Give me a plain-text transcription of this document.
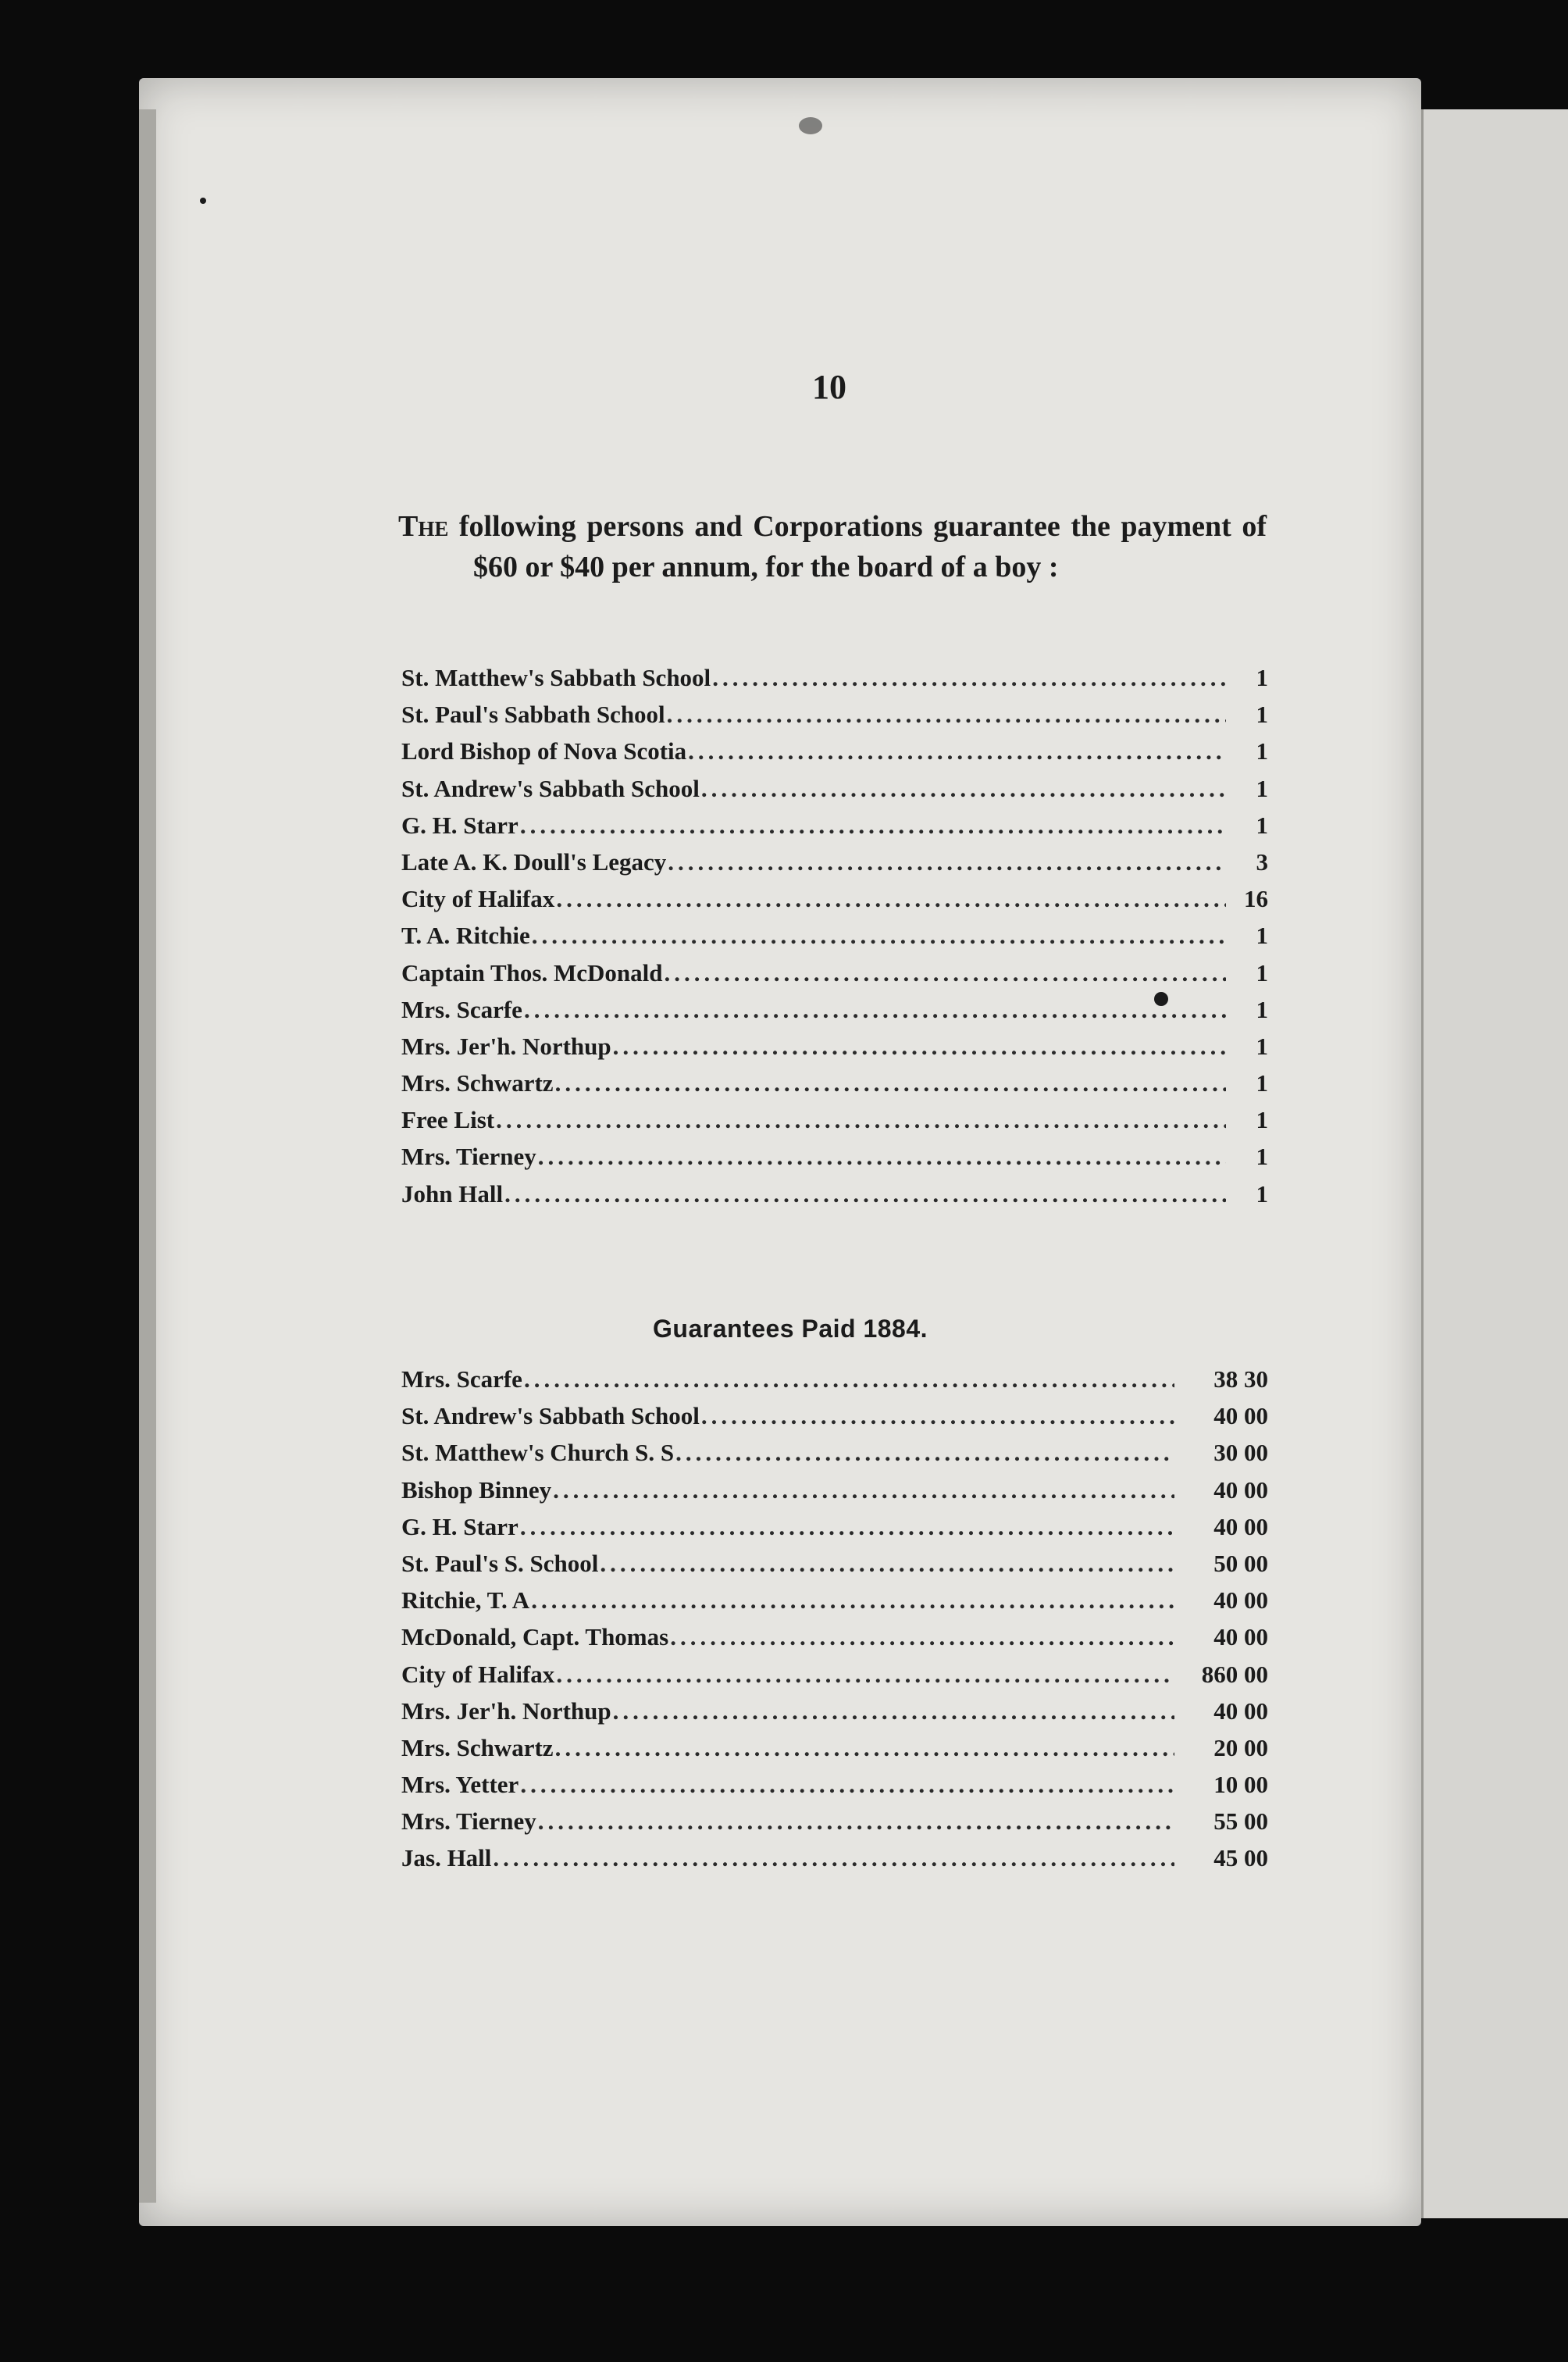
10
The following persons and Corporations guarantee the payment of $60 or $40 per annum, for the board of a boy :
St. Matthew's Sabbath School .....	1
St. Paul's Sabbath School .....	1
Lord Bishop of Nova Scotia .....	1
St. Andrew's Sabbath School .....	1
G. H. Starr .....	1
Late A. K. Doull's Legacy .....	3
City of Halifax .....	16
T. A. Ritchie .....	1
Captain Thos. McDonald .....	1
Mrs. Scarfe .....	1
Mrs. Jer'h. Northup .....	1
Mrs. Schwartz .....	1
Free List .....	1
Mrs. Tierney .....	1
John Hall .....	1
Guarantees Paid 1884.
Mrs. Scarfe .....	38 30
St. Andrew's Sabbath School .....	40 00
St. Matthew's Church S. S .....	30 00
Bishop Binney .....	40 00
G. H. Starr .....	40 00
St. Paul's S. School .....	50 00
Ritchie, T. A .....	40 00
McDonald, Capt. Thomas .....	40 00
City of Halifax .....	860 00
Mrs. Jer'h. Northup .....	40 00
Mrs. Schwartz .....	20 00
Mrs. Yetter .....	10 00
Mrs. Tierney .....	55 00
Jas. Hall .....	45 00
